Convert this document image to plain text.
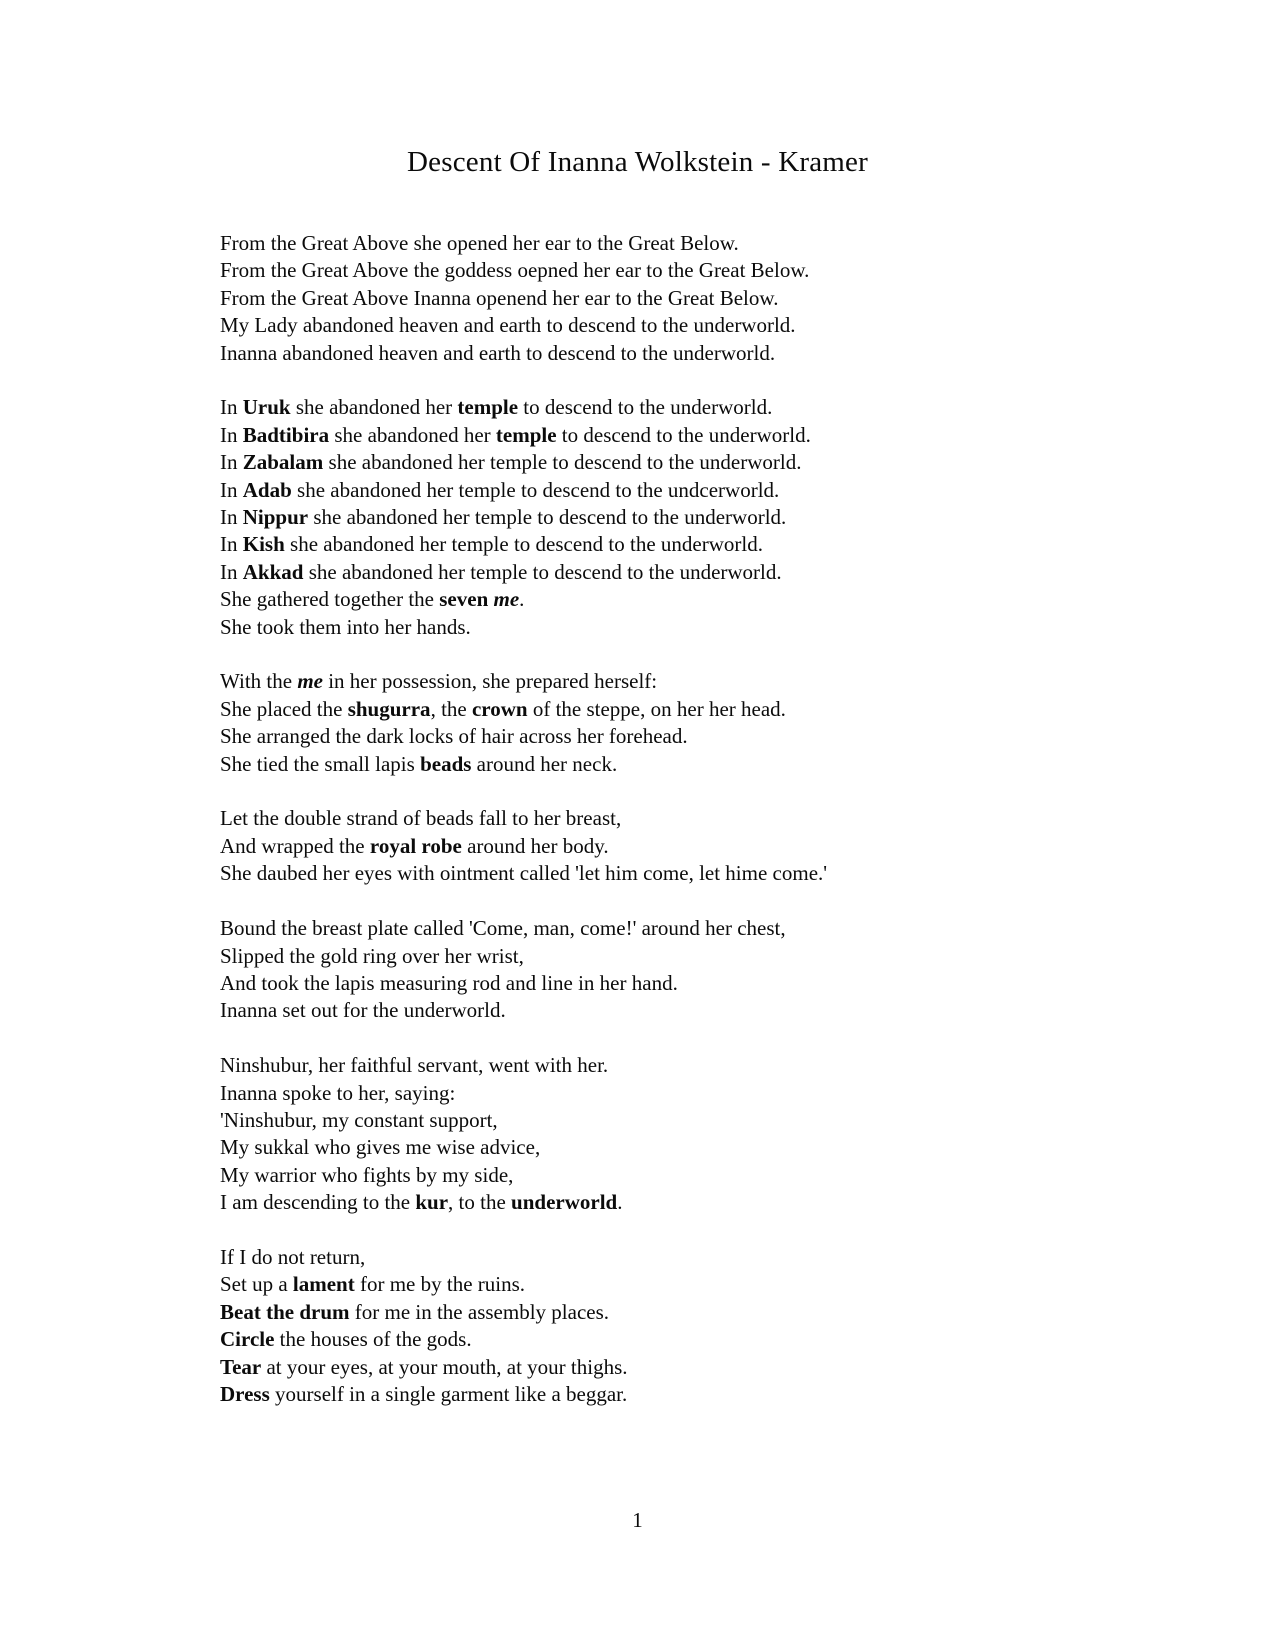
Descent Of Inanna Wolkstein - Kramer

From the Great Above she opened her ear to the Great Below.

From the Great Above the goddess oepned her ear to the Great Below.

From the Great Above Inanna openend her ear to the Great Below.

My Lady abandoned heaven and earth to descend to the underworld.

Inanna abandoned heaven and earth to descend to the underworld.

In Uruk she abandoned her temple to descend to the underworld.

In Badtibira she abandoned her temple to descend to the underworld.

In Zabalam she abandoned her temple to descend to the underworld.

In Adab she abandoned her temple to descend to the undcerworld.

In Nippur she abandoned her temple to descend to the underworld.

In Kish she abandoned her temple to descend to the underworld.

In Akkad she abandoned her temple to descend to the underworld.

She gathered together the seven me.

She took them into her hands.

With the me in her possession, she prepared herself:

She placed the shugurra, the crown of the steppe, on her her head.

She arranged the dark locks of hair across her forehead.

She tied the small lapis beads around her neck.

Let the double strand of beads fall to her breast,

And wrapped the royal robe around her body.

She daubed her eyes with ointment called 'let him come, let hime come.'

Bound the breast plate called 'Come, man, come!' around her chest,

Slipped the gold ring over her wrist,

And took the lapis measuring rod and line in her hand.

Inanna set out for the underworld.

Ninshubur, her faithful servant, went with her.

Inanna spoke to her, saying:

'Ninshubur, my constant support,

My sukkal who gives me wise advice,

My warrior who fights by my side,

I am descending to the kur, to the underworld.

If I do not return,

Set up a lament for me by the ruins.

Beat the drum for me in the assembly places.

Circle the houses of the gods.

Tear at your eyes, at your mouth, at your thighs.

Dress yourself in a single garment like a beggar.

1
